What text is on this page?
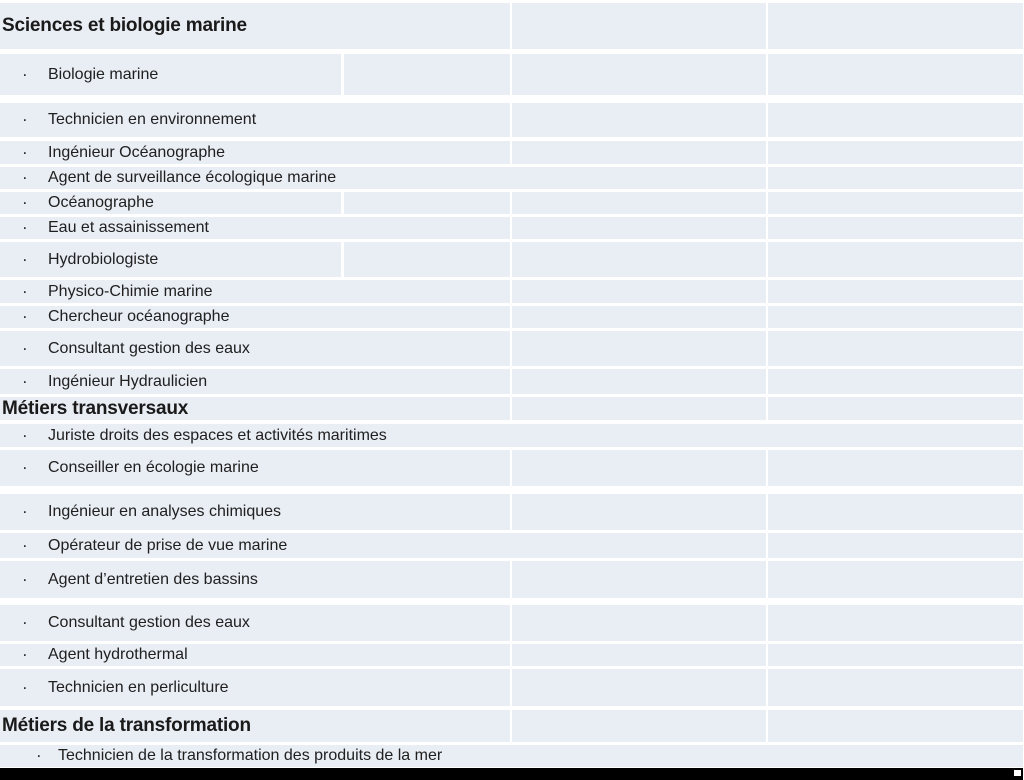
Sciences et biologie marine
·	Biologie marine
·	Technicien en environnement
·	Ingénieur Océanographe
·	Agent de surveillance écologique marine
·	Océanographe
·	Eau et assainissement
·	Hydrobiologiste
·	Physico-Chimie marine
·	Chercheur océanographe
·	Consultant gestion des eaux
·	Ingénieur Hydraulicien
Métiers transversaux
·	Juriste droits des espaces et activités maritimes
·	Conseiller en écologie marine
·	Ingénieur en analyses chimiques
·	Opérateur de prise de vue marine
·	Agent d’entretien des bassins
·	Consultant gestion des eaux
·	Agent hydrothermal
·	Technicien en perliculture
Métiers de la transformation
·	Technicien de la transformation des produits de la mer
